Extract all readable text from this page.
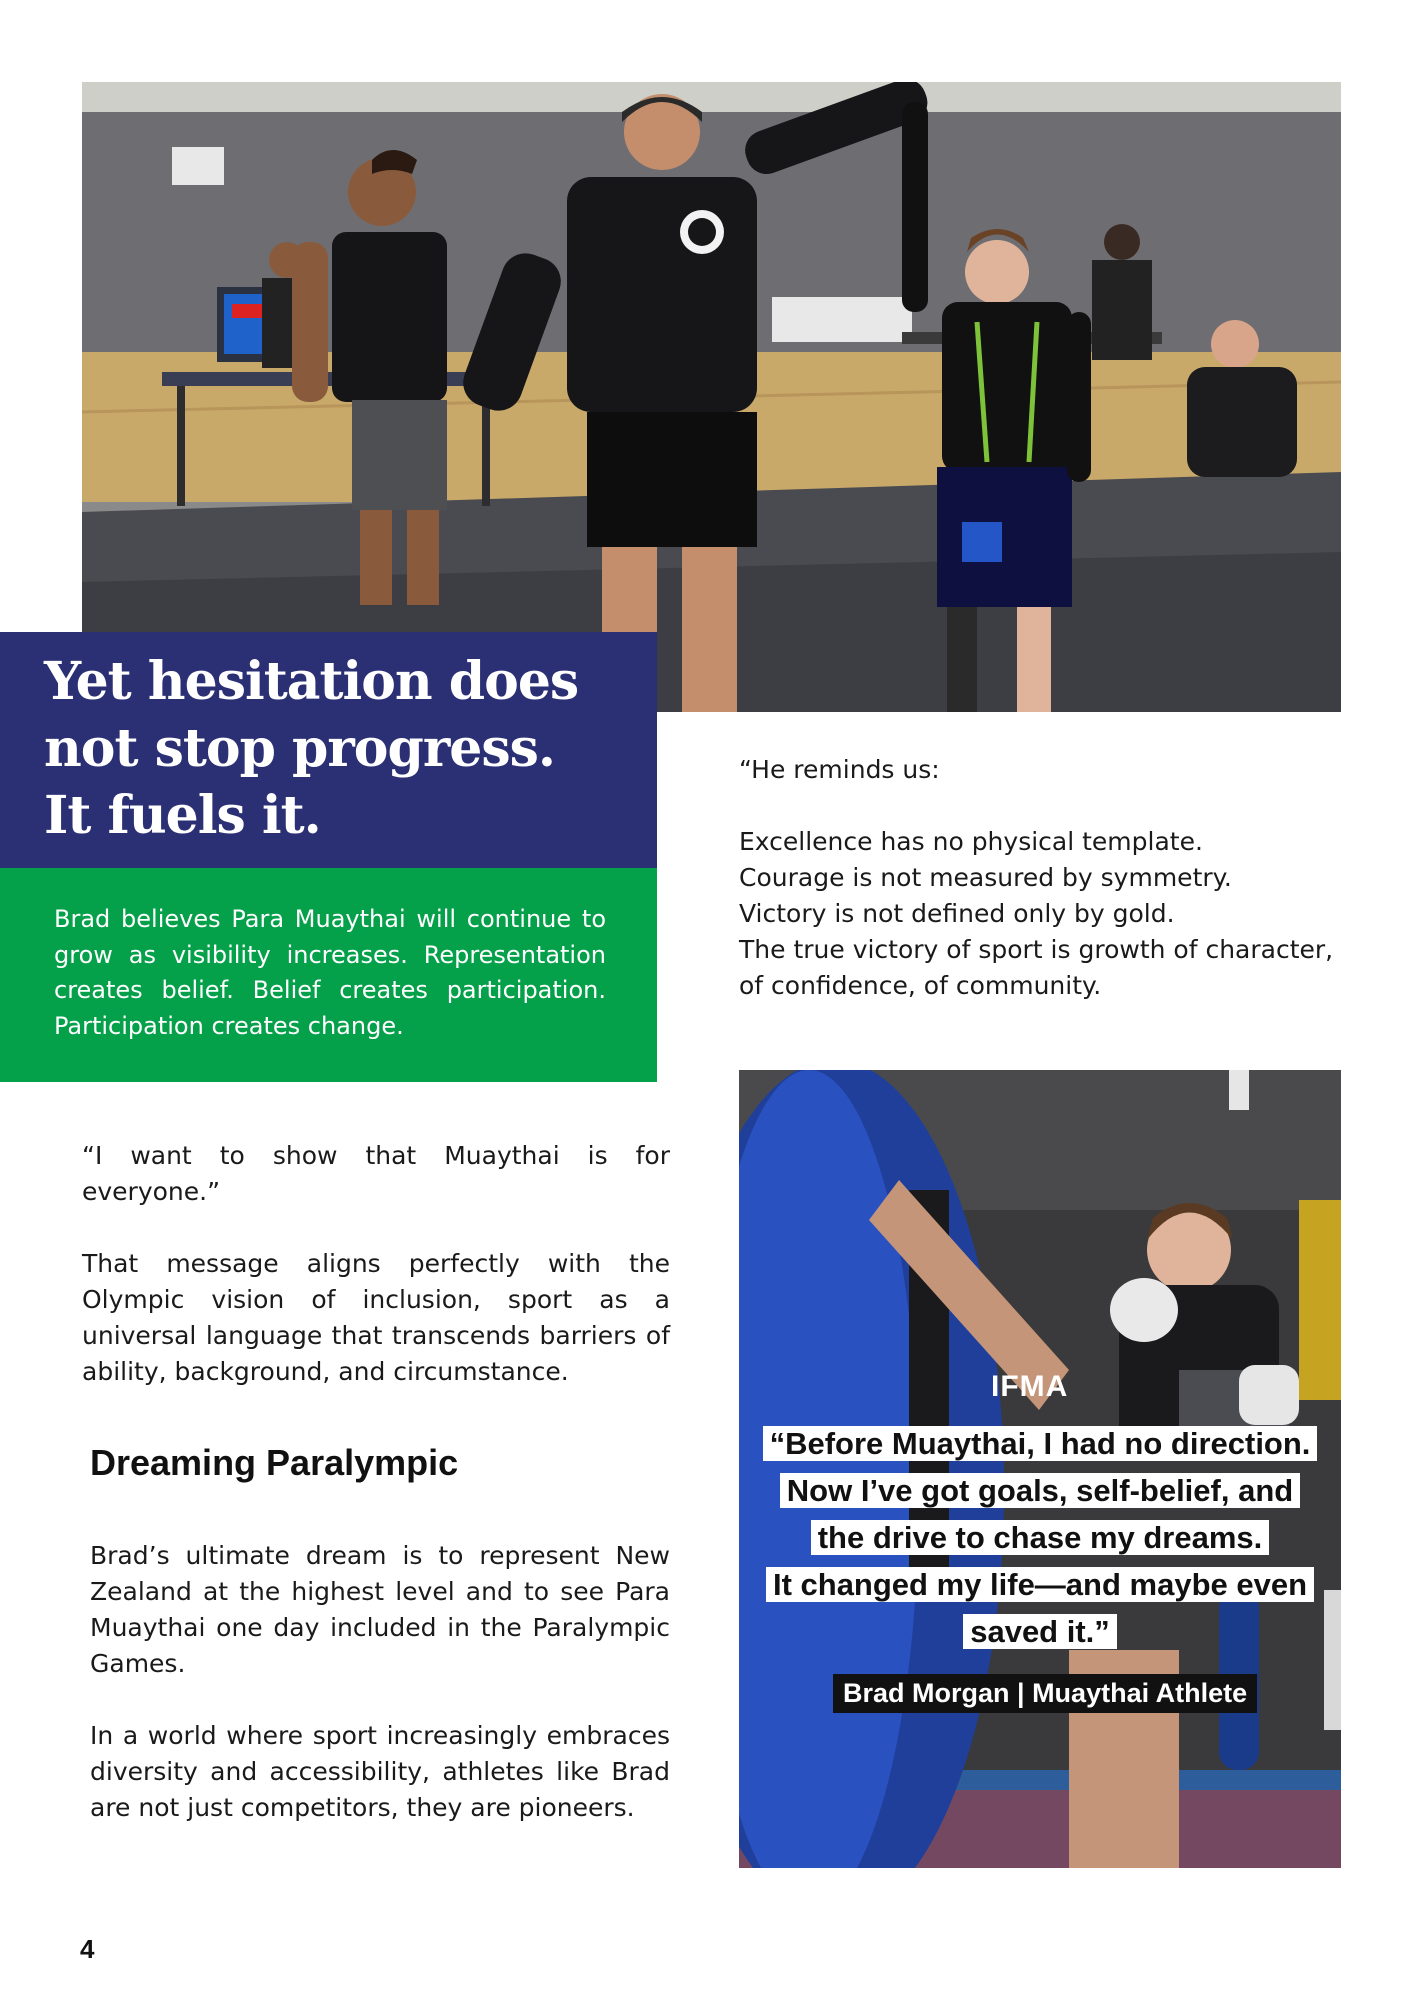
Yet hesitation does
not stop progress.
It fuels it.

Brad believes Para Muaythai will continue to grow as visibility increases. Representation creates belief. Belief creates participation. Participation creates change.

“He reminds us:

Excellence has no physical template.

Courage is not measured by symmetry.

Victory is not defined only by gold.

The true victory of sport is growth of character, of confidence, of community.

“I want to show that Muaythai is for everyone.”

That message aligns perfectly with the Olympic vision of inclusion, sport as a universal language that transcends barriers of ability, background, and circumstance.

Dreaming Paralympic

Brad’s ultimate dream is to represent New Zealand at the highest level and to see Para Muaythai one day included in the Paralympic Games.

In a world where sport increasingly embraces diversity and accessibility, athletes like Brad are not just competitors, they are pioneers.

IFMA
“Before Muaythai, I had no direction.
Now I’ve got goals, self-belief, and
the drive to chase my dreams.
It changed my life—and maybe even
saved it.”
Brad Morgan | Muaythai Athlete

4
